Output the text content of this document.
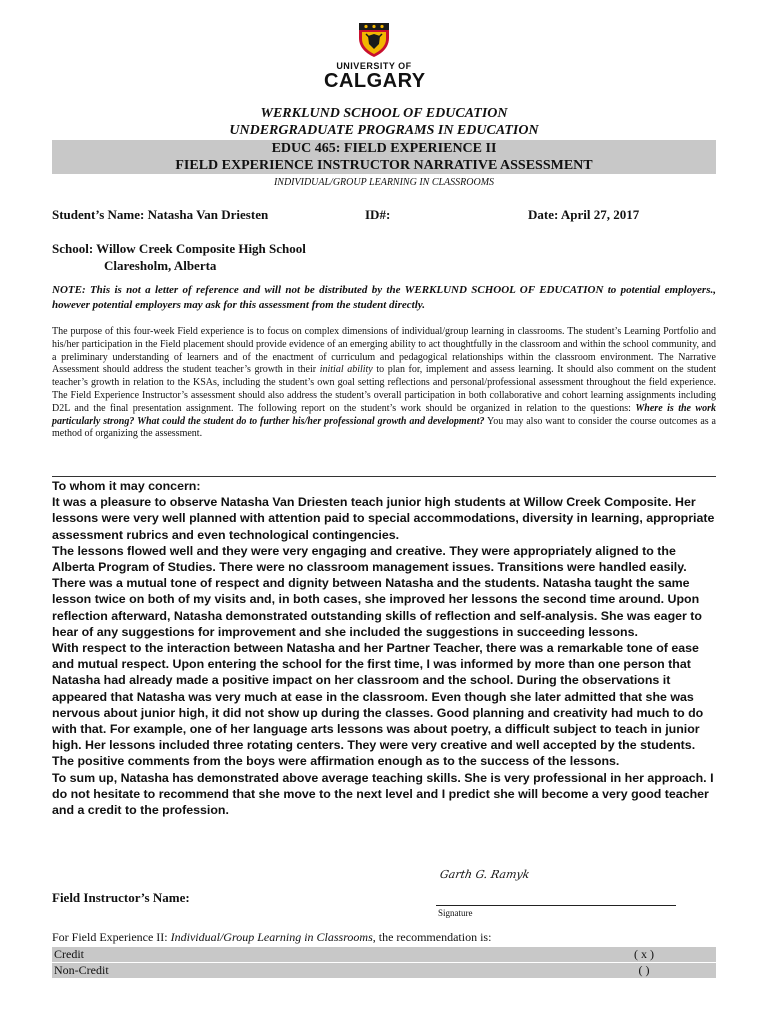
UNIVERSITY OF
CALGARY
WERKLUND SCHOOL OF EDUCATION
UNDERGRADUATE PROGRAMS IN EDUCATION
EDUC 465: FIELD EXPERIENCE II
FIELD EXPERIENCE INSTRUCTOR NARRATIVE ASSESSMENT
INDIVIDUAL/GROUP LEARNING IN CLASSROOMS
Student’s Name: Natasha Van Driesten	ID#:	Date: April 27, 2017
School: Willow Creek Composite High School
Claresholm, Alberta
NOTE: This is not a letter of reference and will not be distributed by the WERKLUND SCHOOL OF EDUCATION to potential employers., however potential employers may ask for this assessment from the student directly.
The purpose of this four-week Field experience is to focus on complex dimensions of individual/group learning in classrooms. The student’s Learning Portfolio and his/her participation in the Field placement should provide evidence of an emerging ability to act thoughtfully in the classroom and within the school community, and a preliminary understanding of learners and of the enactment of curriculum and pedagogical relationships within the classroom environment. The Narrative Assessment should address the student teacher’s growth in their initial ability to plan for, implement and assess learning. It should also comment on the student teacher’s growth in relation to the KSAs, including the student’s own goal setting reflections and personal/professional assessment throughout the field experience. The Field Experience Instructor’s assessment should also address the student’s overall participation in both collaborative and cohort learning assignments including D2L and the final presentation assignment. The following report on the student’s work should be organized in relation to the questions: Where is the work particularly strong? What could the student do to further his/her professional growth and development? You may also want to consider the course outcomes as a method of organizing the assessment.

To whom it may concern:

It was a pleasure to observe Natasha Van Driesten teach junior high students at Willow Creek Composite. Her lessons were very well planned with attention paid to special accommodations, diversity in learning, appropriate assessment rubrics and even technological contingencies.

The lessons flowed well and they were very engaging and creative. They were appropriately aligned to the Alberta Program of Studies. There were no classroom management issues. Transitions were handled easily. There was a mutual tone of respect and dignity between Natasha and the students. Natasha taught the same lesson twice on both of my visits and, in both cases, she improved her lessons the second time around. Upon reflection afterward, Natasha demonstrated outstanding skills of reflection and self-analysis. She was eager to hear of any suggestions for improvement and she included the suggestions in succeeding lessons.

With respect to the interaction between Natasha and her Partner Teacher, there was a remarkable tone of ease and mutual respect. Upon entering the school for the first time, I was informed by more than one person that Natasha had already made a positive impact on her classroom and the school. During the observations it appeared that Natasha was very much at ease in the classroom. Even though she later admitted that she was nervous about junior high, it did not show up during the classes. Good planning and creativity had much to do with that. For example, one of her language arts lessons was about poetry, a difficult subject to teach in junior high. Her lessons included three rotating centers. They were very creative and well accepted by the students. The positive comments from the boys were affirmation enough as to the success of the lessons.

To sum up, Natasha has demonstrated above average teaching skills. She is very professional in her approach. I do not hesitate to recommend that she move to the next level and I predict she will become a very good teacher and a credit to the profession.

Garth G. Ramyk
Field Instructor’s Name:
Signature
For Field Experience II: Individual/Group Learning in Classrooms, the recommendation is:
Credit	( x )
Non-Credit	( )
